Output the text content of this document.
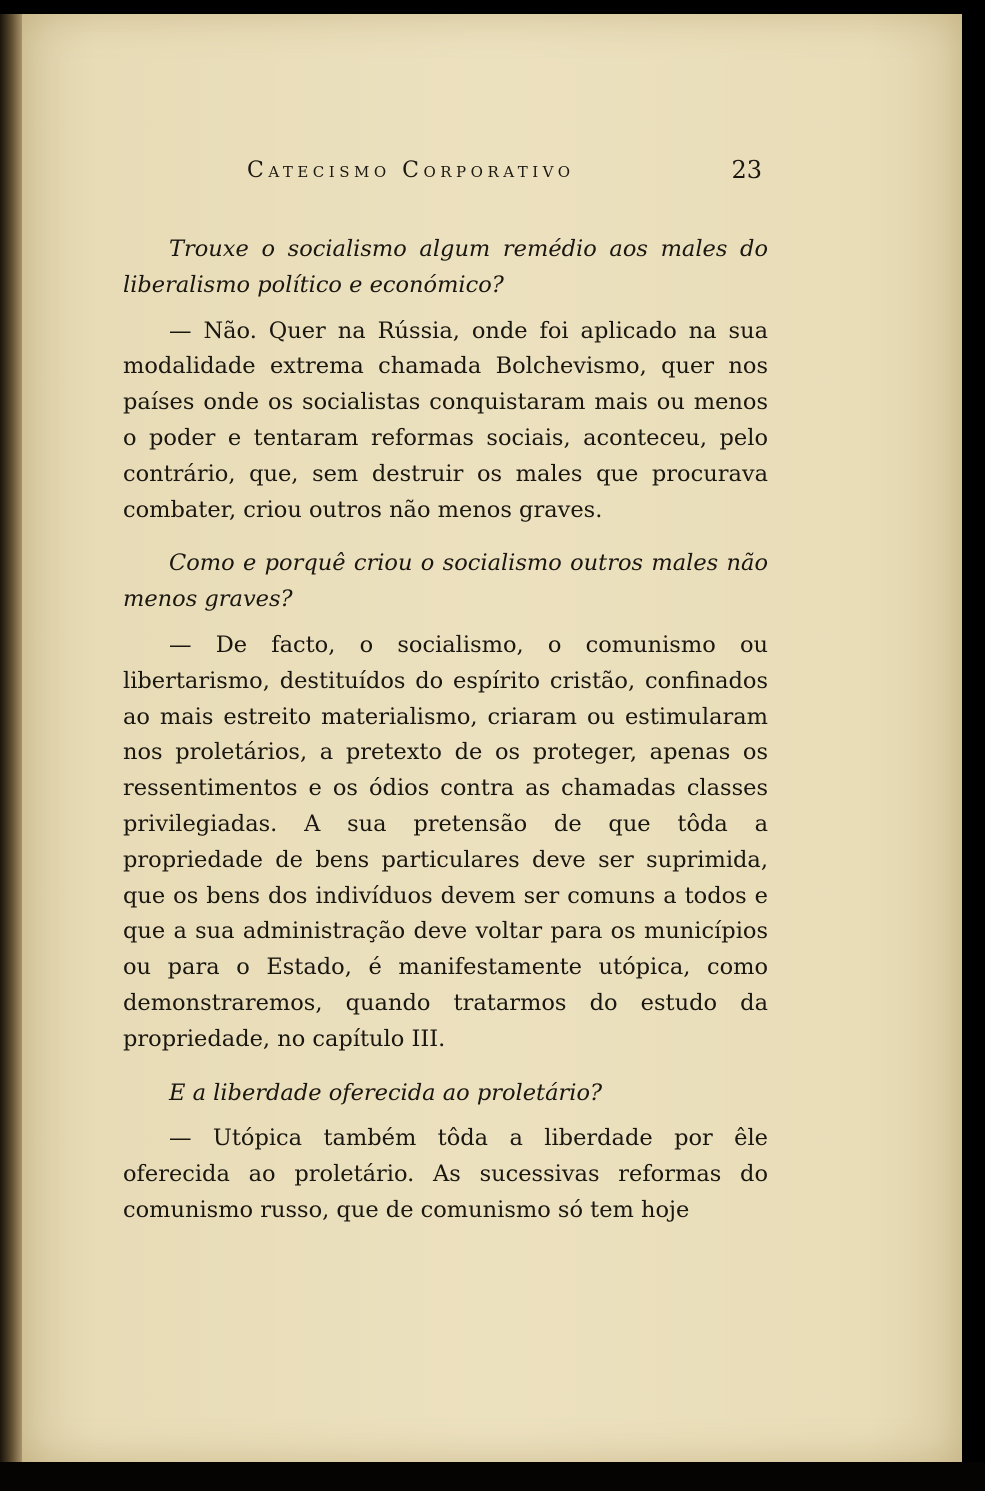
Catecismo Corporativo	23

Trouxe o socialismo algum remédio aos males do liberalismo político e económico?

— Não. Quer na Rússia, onde foi aplicado na sua modalidade extrema chamada Bolchevismo, quer nos países onde os socialistas conquistaram mais ou menos o poder e tentaram reformas sociais, aconteceu, pelo contrário, que, sem destruir os males que procurava combater, criou outros não menos graves.

Como e porquê criou o socialismo outros males não menos graves?

— De facto, o socialismo, o comunismo ou libertarismo, destituídos do espírito cristão, confinados ao mais estreito materialismo, criaram ou estimularam nos proletários, a pretexto de os proteger, apenas os ressentimentos e os ódios contra as chamadas classes privilegiadas. A sua pretensão de que tôda a propriedade de bens particulares deve ser suprimida, que os bens dos indivíduos devem ser comuns a todos e que a sua administração deve voltar para os municípios ou para o Estado, é manifestamente utópica, como demonstraremos, quando tratarmos do estudo da propriedade, no capítulo III.

E a liberdade oferecida ao proletário?

— Utópica também tôda a liberdade por êle oferecida ao proletário. As sucessivas reformas do comunismo russo, que de comunismo só tem hoje
